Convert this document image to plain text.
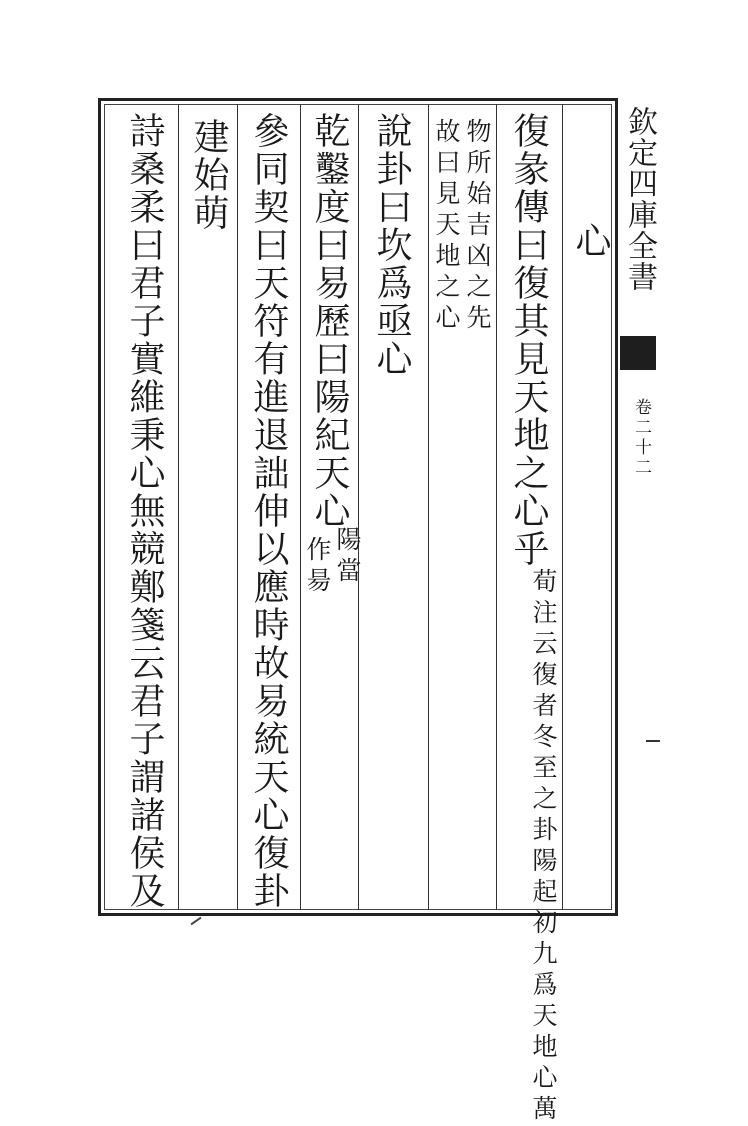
欽定四庫全書
卷二十二
心
復彖傳曰復其見天地之心乎
荀注云復者冬至之卦陽起初九爲天地心萬
物所始吉凶之先
故曰見天地之心
說卦曰坎爲亟心
乾鑿度曰易歷曰陽紀天心
陽當
作昜
參同契曰天符有進退詘伸以應時故易統天心復卦
建始萌
詩桑柔曰君子實維秉心無競鄭箋云君子謂諸侯及
